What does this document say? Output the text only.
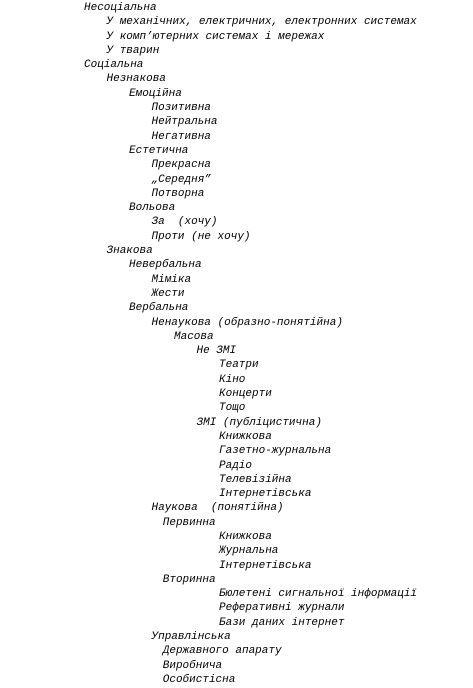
Несоціальна
У механічних, електричних, електронних системах
У комп’ютерних системах і мережах
У тварин
Соціальна
Незнакова
Емоційна
Позитивна
Нейтральна
Негативна
Естетична
Прекрасна
„Середня”
Потворна
Вольова
За  (хочу)
Проти (не хочу)
Знакова
Невербальна
Міміка
Жести
Вербальна
Ненаукова (образно-понятійна)
Масова
Не ЗМІ
Театри
Кіно
Концерти
Тощо
ЗМІ (публіцистична)
Книжкова
Газетно-журнальна
Радіо
Телевізійна
Інтернетівська
Наукова  (понятійна)
Первинна
Книжкова
Журнальна
Інтернетівська
Вторинна
Бюлетені сигнальної інформації
Реферативні журнали
Бази даних інтернет
Управлінська
Державного апарату
Виробнича
Особистісна
